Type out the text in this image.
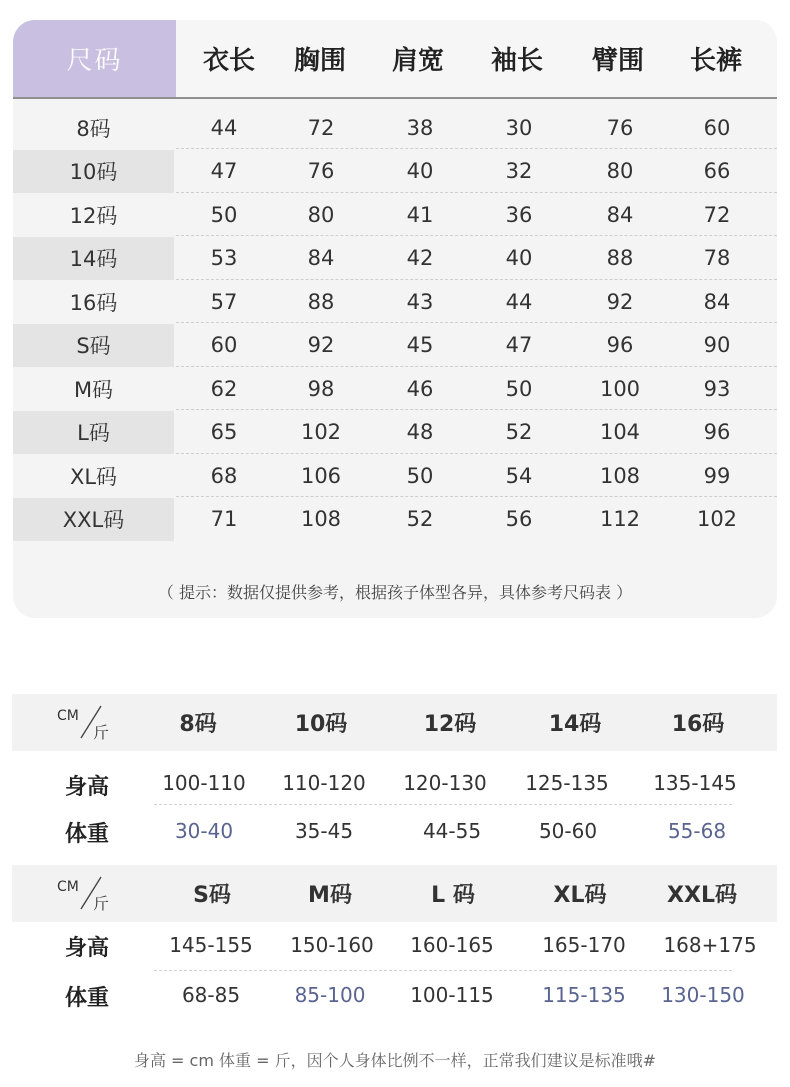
尺码	衣长	胸围	肩宽	袖长	臂围	长裤
8码	44	72	38	30	76	60
10码	47	76	40	32	80	66
12码	50	80	41	36	84	72
14码	53	84	42	40	88	78
16码	57	88	43	44	92	84
S码	60	92	45	47	96	90
M码	62	98	46	50	100	93
L码	65	102	48	52	104	96
XL码	68	106	50	54	108	99
XXL码	71	108	52	56	112	102
（ 提示：数据仅提供参考，根据孩子体型各异，具体参考尺码表 ）
CM
斤	8码	10码	12码	14码	16码
身高	100-110	110-120	120-130	125-135	135-145
体重	30-40	35-45	44-55	50-60	55-68
CM
斤	S码	M码	L 码	XL码	XXL码
身高	145-155	150-160	160-165	165-170	168+175
体重	68-85	85-100	100-115	115-135	130-150
身高 = cm 体重 = 斤，因个人身体比例不一样，正常我们建议是标准哦#
